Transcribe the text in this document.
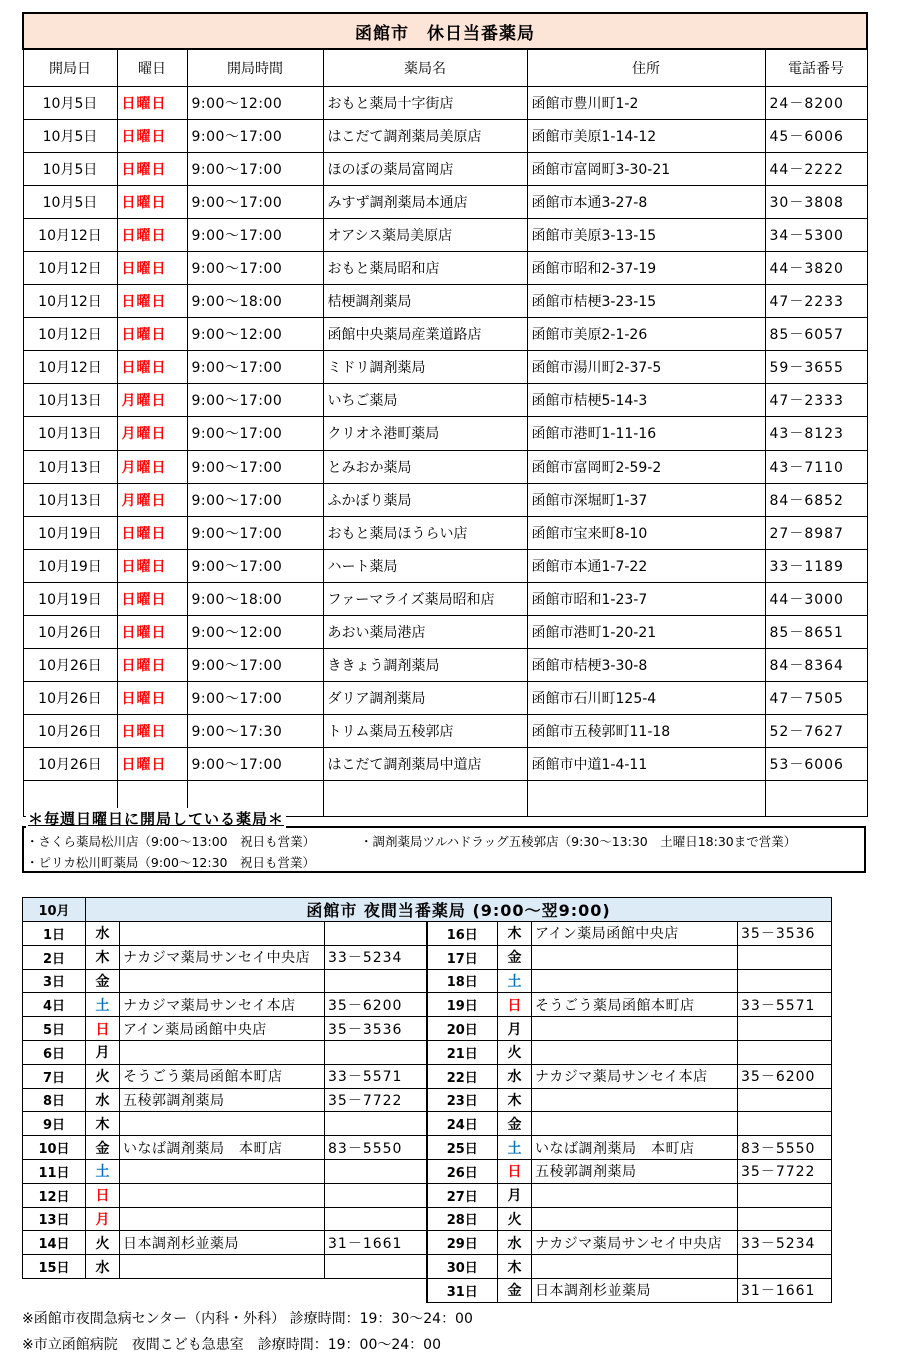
函館市　休日当番薬局					
開局日	曜日	開局時間	薬局名	住所	電話番号
10月5日	日曜日	9:00～12:00	おもと薬局十字街店	函館市豊川町1-2	24－8200
10月5日	日曜日	9:00～17:00	はこだて調剤薬局美原店	函館市美原1-14-12	45－6006
10月5日	日曜日	9:00～17:00	ほのぼの薬局富岡店	函館市富岡町3-30-21	44－2222
10月5日	日曜日	9:00～17:00	みすず調剤薬局本通店	函館市本通3-27-8	30－3808
10月12日	日曜日	9:00～17:00	オアシス薬局美原店	函館市美原3-13-15	34－5300
10月12日	日曜日	9:00～17:00	おもと薬局昭和店	函館市昭和2-37-19	44－3820
10月12日	日曜日	9:00～18:00	桔梗調剤薬局	函館市桔梗3-23-15	47－2233
10月12日	日曜日	9:00～12:00	函館中央薬局産業道路店	函館市美原2-1-26	85－6057
10月12日	日曜日	9:00～17:00	ミドリ調剤薬局	函館市湯川町2-37-5	59－3655
10月13日	月曜日	9:00～17:00	いちご薬局	函館市桔梗5-14-3	47－2333
10月13日	月曜日	9:00～17:00	クリオネ港町薬局	函館市港町1-11-16	43－8123
10月13日	月曜日	9:00～17:00	とみおか薬局	函館市富岡町2-59-2	43－7110
10月13日	月曜日	9:00～17:00	ふかぼり薬局	函館市深堀町1-37	84－6852
10月19日	日曜日	9:00～17:00	おもと薬局ほうらい店	函館市宝来町8-10	27－8987
10月19日	日曜日	9:00～17:00	ハート薬局	函館市本通1-7-22	33－1189
10月19日	日曜日	9:00～18:00	ファーマライズ薬局昭和店	函館市昭和1-23-7	44－3000
10月26日	日曜日	9:00～12:00	あおい薬局港店	函館市港町1-20-21	85－8651
10月26日	日曜日	9:00～17:00	ききょう調剤薬局	函館市桔梗3-30-8	84－8364
10月26日	日曜日	9:00～17:00	ダリア調剤薬局	函館市石川町125-4	47－7505
10月26日	日曜日	9:00～17:30	トリム薬局五稜郭店	函館市五稜郭町11-18	52－7627
10月26日	日曜日	9:00～17:00	はこだて調剤薬局中道店	函館市中道1-4-11	53－6006

・さくら薬局松川店（9:00～13:00　祝日も営業）	・調剤薬局ツルハドラッグ五稜郭店（9:30～13:30　土曜日18:30まで営業）
・ピリカ松川町薬局（9:00～12:30　祝日も営業）
＊毎週日曜日に開局している薬局＊
10月	函館市 夜間当番薬局 (9:00～翌9:00)						
1日	水			16日	木	アイン薬局函館中央店	35－3536
2日	木	ナカジマ薬局サンセイ中央店	33－5234	17日	金		
3日	金			18日	土		
4日	土	ナカジマ薬局サンセイ本店	35－6200	19日	日	そうごう薬局函館本町店	33－5571
5日	日	アイン薬局函館中央店	35－3536	20日	月		
6日	月			21日	火		
7日	火	そうごう薬局函館本町店	33－5571	22日	水	ナカジマ薬局サンセイ本店	35－6200
8日	水	五稜郭調剤薬局	35－7722	23日	木		
9日	木			24日	金		
10日	金	いなば調剤薬局　本町店	83－5550	25日	土	いなば調剤薬局　本町店	83－5550
11日	土			26日	日	五稜郭調剤薬局	35－7722
12日	日			27日	月		
13日	月			28日	火		
14日	火	日本調剤杉並薬局	31－1661	29日	水	ナカジマ薬局サンセイ中央店	33－5234
15日	水			30日	木		
				31日	金	日本調剤杉並薬局	31－1661
※函館市夜間急病センター（内科・外科） 診療時間：19：30～24：00
※市立函館病院　夜間こども急患室　診療時間：19：00～24：00
